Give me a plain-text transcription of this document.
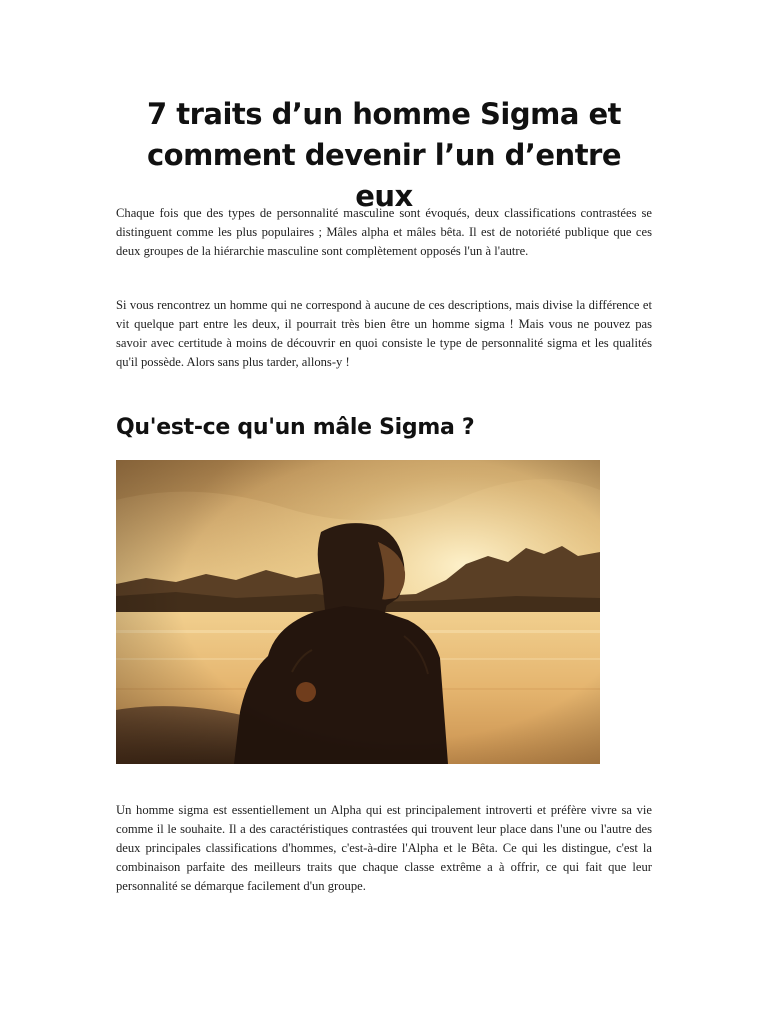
7 traits d’un homme Sigma et comment devenir l’un d’entre eux

Chaque fois que des types de personnalité masculine sont évoqués, deux classifications contrastées se distinguent comme les plus populaires ; Mâles alpha et mâles bêta. Il est de notoriété publique que ces deux groupes de la hiérarchie masculine sont complètement opposés l'un à l'autre.

Si vous rencontrez un homme qui ne correspond à aucune de ces descriptions, mais divise la différence et vit quelque part entre les deux, il pourrait très bien être un homme sigma ! Mais vous ne pouvez pas savoir avec certitude à moins de découvrir en quoi consiste le type de personnalité sigma et les qualités qu'il possède. Alors sans plus tarder, allons-y !

Qu'est-ce qu'un mâle Sigma ?

Un homme sigma est essentiellement un Alpha qui est principalement introverti et préfère vivre sa vie comme il le souhaite. Il a des caractéristiques contrastées qui trouvent leur place dans l'une ou l'autre des deux principales classifications d'hommes, c'est-à-dire l'Alpha et le Bêta. Ce qui les distingue, c'est la combinaison parfaite des meilleurs traits que chaque classe extrême a à offrir, ce qui fait que leur personnalité se démarque facilement d'un groupe.
